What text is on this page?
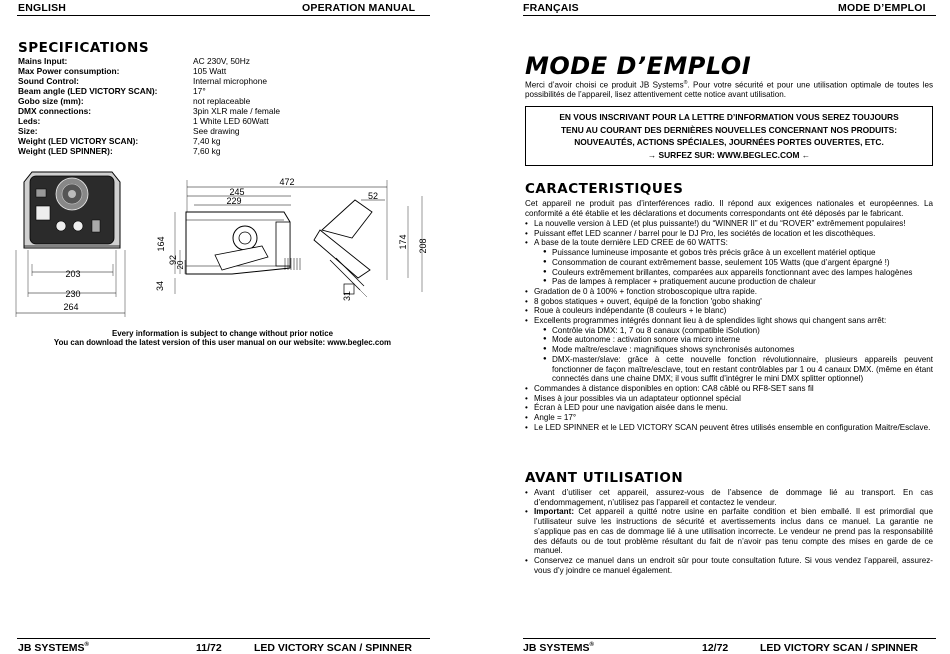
ENGLISH	OPERATION MANUAL
SPECIFICATIONS
Mains Input:	AC 230V, 50Hz
Max Power consumption:	105 Watt
Sound Control:	Internal microphone
Beam angle (LED VICTORY SCAN):	17°
Gobo size (mm):	not replaceable
DMX connections:	3pin XLR male / female
Leds:	1 White LED 60Watt
Size:	See drawing
Weight (LED VICTORY SCAN):	7,40 kg
Weight (LED SPINNER):	7,60 kg
203
230
264
472
245
229	52
164
92
20
174 208
34
31
Every information is subject to change without prior notice
You can download the latest version of this user manual on our website: www.beglec.com
JB SYSTEMS®	11/72	LED VICTORY SCAN / SPINNER
FRANÇAIS	MODE D’EMPLOI
MODE D’EMPLOI
Merci d’avoir choisi ce produit JB Systems®. Pour votre sécurité et pour une utilisation optimale de toutes les possibilités de l’appareil, lisez attentivement cette notice avant utilisation.

EN VOUS INSCRIVANT POUR LA LETTRE D’INFORMATION VOUS SEREZ TOUJOURS

TENU AU COURANT DES DERNIÈRES NOUVELLES CONCERNANT NOS PRODUITS:

NOUVEAUTÉS, ACTIONS SPÉCIALES, JOURNÉES PORTES OUVERTES, ETC.

→ SURFEZ SUR: WWW.BEGLEC.COM ←

CARACTERISTIQUES
Cet appareil ne produit pas d’interférences radio. Il répond aux exigences nationales et européennes. La conformité a été établie et les déclarations et documents correspondants ont été déposés par le fabricant.
• La nouvelle version à LED (et plus puissante!) du “WINNER II” et du “ROVER” extrêmement populaires!
• Puissant effet LED scanner / barrel pour le DJ Pro, les sociétés de location et les discothèques.
• A base de la toute dernière LED CREE de 60 WATTS:
● Puissance lumineuse imposante et gobos très précis grâce à un excellent matériel optique
● Consommation de courant extrêmement basse, seulement 105 Watts (que d’argent épargné !)
● Couleurs extrêmement brillantes, comparées aux appareils fonctionnant avec des lampes halogènes
● Pas de lampes à remplacer + pratiquement aucune production de chaleur
• Gradation de 0 à 100% + fonction stroboscopique ultra rapide.
• 8 gobos statiques + ouvert, équipé de la fonction 'gobo shaking'
• Roue à couleurs indépendante (8 couleurs + le blanc)
• Excellents programmes intégrés donnant lieu à de splendides light shows qui changent sans arrêt:
● Contrôle via DMX: 1, 7 ou 8 canaux (compatible iSolution)
● Mode autonome : activation sonore via micro interne
● Mode maître/esclave : magnifiques shows synchronisés autonomes
● DMX-master/slave: grâce à cette nouvelle fonction révolutionnaire, plusieurs appareils peuvent fonctionner de façon maître/esclave, tout en restant contrôlables par 1 ou 4 canaux DMX. (même en étant connectés dans une chaine DMX; il vous suffit d’intégrer le mini DMX splitter optionnel)
• Commandes à distance disponibles en option: CA8 câblé ou RF8-SET sans fil
• Mises à jour possibles via un adaptateur optionnel spécial
• Écran à LED pour une navigation aisée dans le menu.
• Angle = 17°
• Le LED SPINNER et le LED VICTORY SCAN peuvent êtres utilisés ensemble en configuration Maitre/Esclave.
AVANT UTILISATION
• Avant d’utiliser cet appareil, assurez-vous de l’absence de dommage lié au transport. En cas d’endommagement, n’utilisez pas l’appareil et contactez le vendeur.
• Important: Cet appareil a quitté notre usine en parfaite condition et bien emballé. Il est primordial que l’utilisateur suive les instructions de sécurité et avertissements inclus dans ce manuel. La garantie ne s’applique pas en cas de dommage lié à une utilisation incorrecte. Le vendeur ne prend pas la responsabilité des défauts ou de tout problème résultant du fait de n’avoir pas tenu compte des mises en garde de ce manuel.
• Conservez ce manuel dans un endroit sûr pour toute consultation future. Si vous vendez l’appareil, assurez-vous d’y joindre ce manuel également.
JB SYSTEMS®	12/72	LED VICTORY SCAN / SPINNER
